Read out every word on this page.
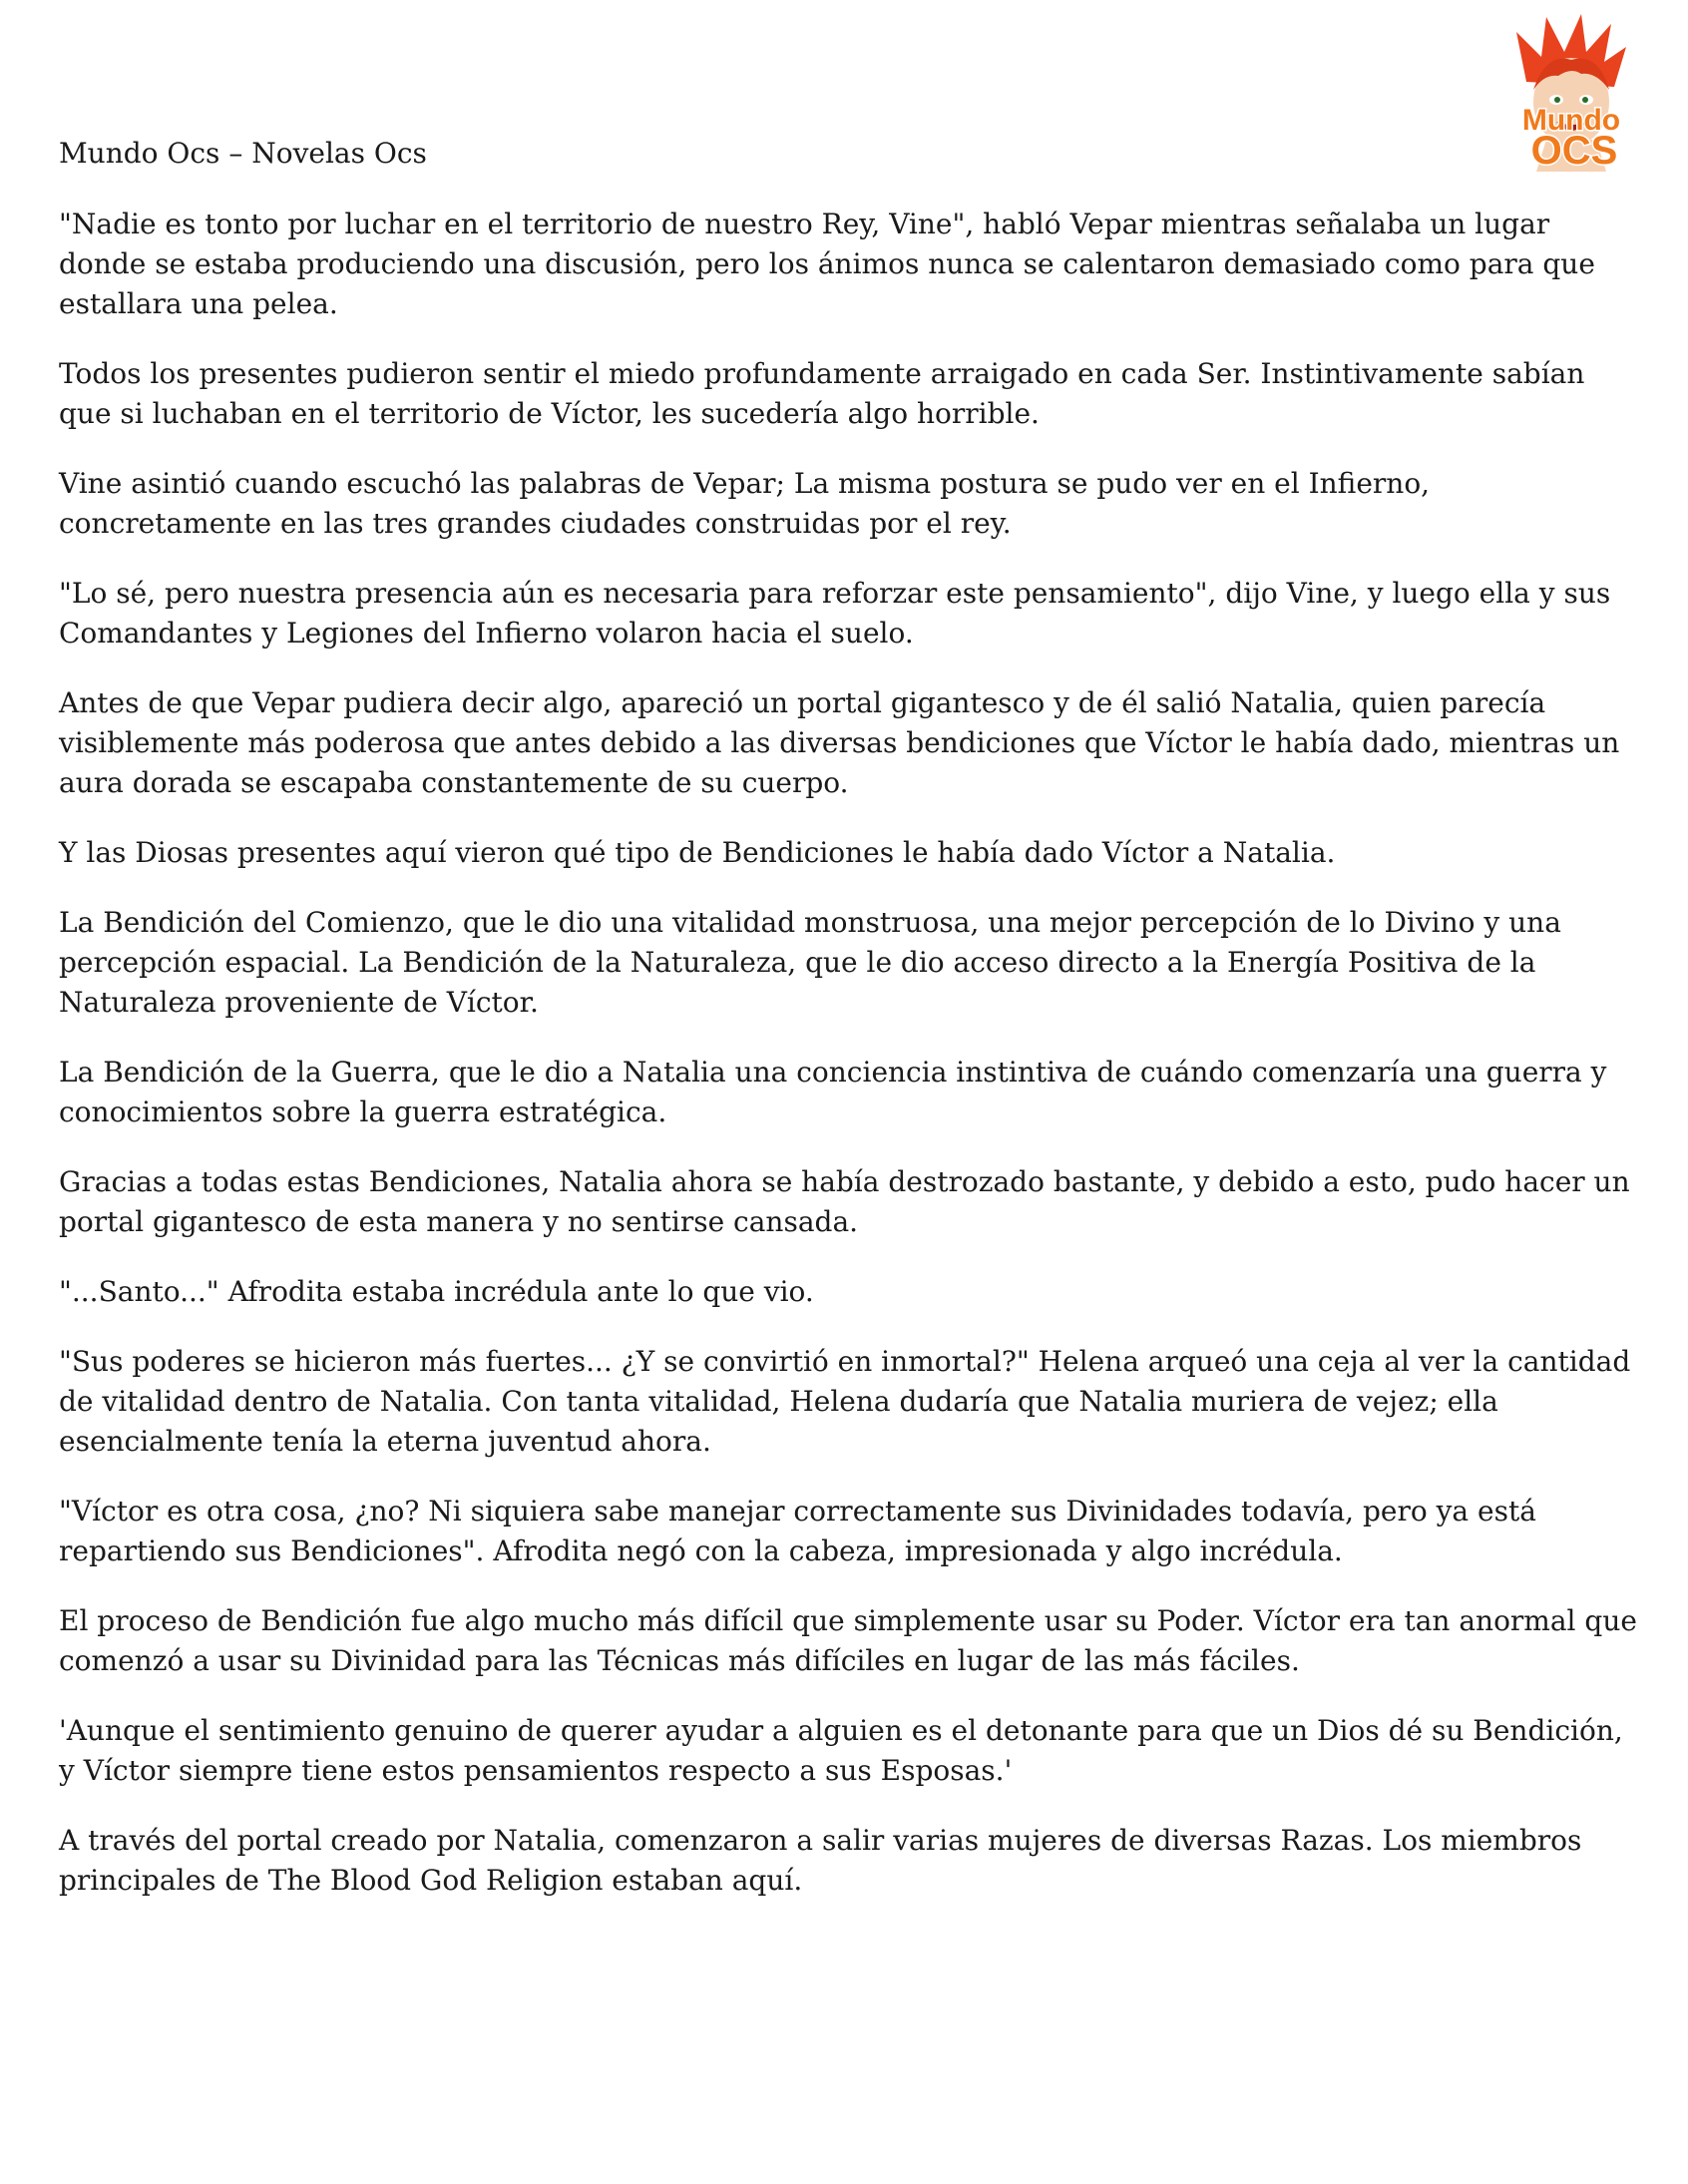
Mundo
OCS

Mundo Ocs – Novelas Ocs

"Nadie es tonto por luchar en el territorio de nuestro Rey, Vine", habló Vepar mientras señalaba un lugar donde se estaba produciendo una discusión, pero los ánimos nunca se calentaron demasiado como para que estallara una pelea.

Todos los presentes pudieron sentir el miedo profundamente arraigado en cada Ser. Instintivamente sabían que si luchaban en el territorio de Víctor, les sucedería algo horrible.

Vine asintió cuando escuchó las palabras de Vepar; La misma postura se pudo ver en el Infierno, concretamente en las tres grandes ciudades construidas por el rey.

"Lo sé, pero nuestra presencia aún es necesaria para reforzar este pensamiento", dijo Vine, y luego ella y sus Comandantes y Legiones del Infierno volaron hacia el suelo.

Antes de que Vepar pudiera decir algo, apareció un portal gigantesco y de él salió Natalia, quien parecía visiblemente más poderosa que antes debido a las diversas bendiciones que Víctor le había dado, mientras un aura dorada se escapaba constantemente de su cuerpo.

Y las Diosas presentes aquí vieron qué tipo de Bendiciones le había dado Víctor a Natalia.

La Bendición del Comienzo, que le dio una vitalidad monstruosa, una mejor percepción de lo Divino y una percepción espacial. La Bendición de la Naturaleza, que le dio acceso directo a la Energía Positiva de la Naturaleza proveniente de Víctor.

La Bendición de la Guerra, que le dio a Natalia una conciencia instintiva de cuándo comenzaría una guerra y conocimientos sobre la guerra estratégica.

Gracias a todas estas Bendiciones, Natalia ahora se había destrozado bastante, y debido a esto, pudo hacer un portal gigantesco de esta manera y no sentirse cansada.

"...Santo..." Afrodita estaba incrédula ante lo que vio.

"Sus poderes se hicieron más fuertes... ¿Y se convirtió en inmortal?" Helena arqueó una ceja al ver la cantidad de vitalidad dentro de Natalia. Con tanta vitalidad, Helena dudaría que Natalia muriera de vejez; ella esencialmente tenía la eterna juventud ahora.

"Víctor es otra cosa, ¿no? Ni siquiera sabe manejar correctamente sus Divinidades todavía, pero ya está repartiendo sus Bendiciones". Afrodita negó con la cabeza, impresionada y algo incrédula.

El proceso de Bendición fue algo mucho más difícil que simplemente usar su Poder. Víctor era tan anormal que comenzó a usar su Divinidad para las Técnicas más difíciles en lugar de las más fáciles.

'Aunque el sentimiento genuino de querer ayudar a alguien es el detonante para que un Dios dé su Bendición, y Víctor siempre tiene estos pensamientos respecto a sus Esposas.'

A través del portal creado por Natalia, comenzaron a salir varias mujeres de diversas Razas. Los miembros principales de The Blood God Religion estaban aquí.
